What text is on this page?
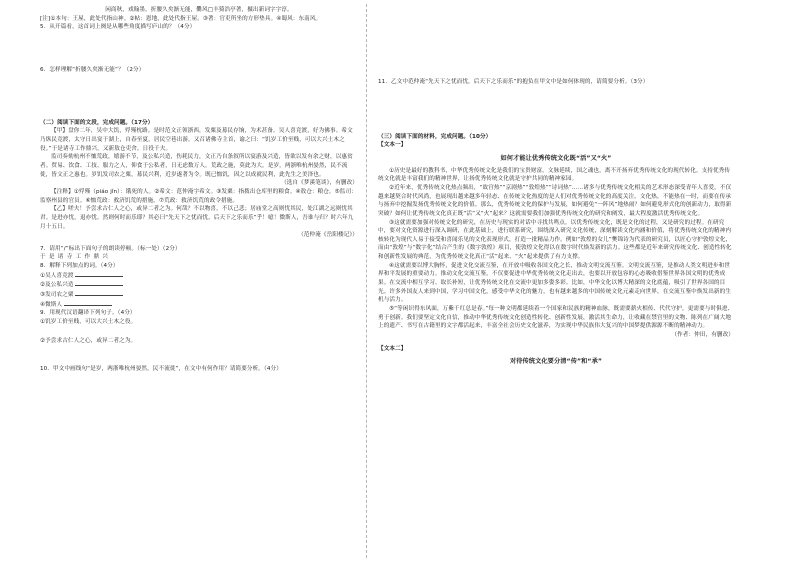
闲商秋，戏翰墨。折腰久矣渐无能，爨风□丰猗浩亭著，摄出新词字字淳。

[注]①本句：王屋，此处代指山神。②帖：恩地，此处代指王屋。③著：官吏所坐的方形垫具。④蜀风：东南风。

5．从开篇看，这首词上阕是从哪些角度描写庐山的？（4分）

6．怎样理解“折腰久矣渐无能”？（2分）

（二）阅读下面的文段，完成问题。（17分）

【甲】盘你二年，吴中大饥，殍殣枕路。是时范文正领浙西，发粟及募民存饷，为术甚备。吴人喜竞渡，好为佛事。希文乃纵民竞渡，太守日出宴于湖上，自春至夏，居民空巷出游。又召诸佛寺主首，谕之曰：“饥岁工价至贱，可以大兴土木之役。”于是诸寺工作鼎兴。又新敖仓吏舍，日役千夫。

监司奏劾杭州不恤荒政，嬉游不节，及公私兴造，伤耗民力，文正乃自条叙所以宴游及兴造，皆欲以发有余之财，以惠贫者。贸易、饮食、工技、服力之人，仰食于公私者，日无虑数万人。荒政之施，莫此为大。是岁，两浙唯杭州晏然，民不流徙，皆文正之惠也。岁饥发司农之粟，募民兴利，近岁遂著为令。既已恤饥，因之以成就民利，此先生之美泽也。

（选自《梦溪笔谈》，有删改）

【注释】①殍殣（piáo jǐn）：饿死的人。②希文：范仲淹字希文。③发粟：指拨出仓库里的粮食。④敖仓：粮仓。⑤监司：监察州县的官员。⑥恤荒政：救济饥荒的措施。⑦荒政：救济饥荒的政令措施。

【乙】嗟夫！予尝求古仁人之心，或异二者之为。何哉？不以物喜，不以己悲；居庙堂之高则忧其民，处江湖之远则忧其君。是进亦忧，退亦忧。然则何时而乐耶？其必曰“先天下之忧而忧，后天下之乐而乐”乎！噫！微斯人，吾谁与归？时六年九月十五日。

（范仲淹《岳阳楼记》）

7．请用“/”标出下面句子的朗读停顿。（标一处）（2分）

于 是 诸 寺 工 作 鼎 兴

8．解释下列加点的词。（4分）

①吴人喜竞渡

②及公私兴造

③发司农之粟

④微斯人

9．用现代汉语翻译下列句子。（4分）

①饥岁工价至贱，可以大兴土木之役。

②予尝求古仁人之心，或异二者之为。

10．甲文中画线句“是岁，两浙唯杭州晏然，民不流徙”，在文中有何作用？请简要分析。（4分）

11．乙文中范仲淹“先天下之忧而忧，后天下之乐而乐”的抱负在甲文中是如何体现的，请简要分析。（3分）

（三）阅读下面的材料，完成问题。（10分）

【文本一】

如何才能让优秀传统文化既“活”又“火”

①历史是最好的教科书，中华优秀传统文化是我们的宝贵财富。文脉延续，国之魂也，离不开扬弃优秀传统文化的现代转化。支持优秀传统文化就是丰富我们的精神世界，让扬优秀传统文化就是守护共同的精神家园。

②近年来，优秀传统文化热点频出，“故宫热”“京剧热”“敦煌热”“诗词热”……诸多与优秀传统文化相关的艺术形态深受青年人喜爱，不仅越来越契合时代风尚，也展现出越来越多年轻态、在传统文化热度的是人们对优秀传统文化的高度关注。文化热，不能热在一时，而要在传承与扬弃中挖掘发扬优秀传统文化的价值。那么，优秀传统文化的保护与发展，如何避免“一阵风”地热闹？如何避免形式化的创新动力，取得新突破？如何让优秀传统文化真正既“活”又“火”起来？这就需要我们加强优秀传统文化的研究和阐发，最大程度激活优秀传统文化。

③这就需要加强对传统文化的研究，在历史与现实的对话中寻找共鸣点。以优秀传统文化，既是文化的过程，又是研究的过程。在研究中，要对文化资源进行深入调研，在此基础上，进行联系研究，围绕深入研究文化传统，深刻解读文化内涵和价值，将优秀传统文化的精神内核转化为现代人易于接受和喜闻乐见的文化表现形式，打造一批精品力作。例如“敦煌的女儿”樊锦诗为代表的研究员，以匠心守护敦煌文化，而由“敦煌”与“数字化”结合产生的《数字敦煌》项目，使敦煌文化得以在数字时代焕发新的活力。这些都是近年来研究传统文化、创造性转化和创新性发展的典范，为优秀传统文化真正“活”起来、“火”起来提供了有力支撑。

④这就需要以博大胸怀，促进文化交流互鉴，在开放中吸收各国文化之长，推动文明交流互鉴。文明交流互鉴，是推动人类文明进步和世界和平发展的重要动力。推动文化交流互鉴，不仅要促进中华优秀传统文化走出去，也要以开放包容的心态吸收借鉴世界各国文明的优秀成果。在交流中相互学习、取长补短，让优秀传统文化在交流中更加多姿多彩。比如，中华文化以博大精深的文化底蕴，吸引了世界各国的目光。许多外国友人来到中国，学习中国文化，感受中华文化的魅力，也有越来越多的中国传统文化元素走向世界，在交流互鉴中焕发出新的生机与活力。

⑤“等闲识得东风面，万紫千红总是春。”每一种文明都延续着一个国家和民族的精神血脉，既需要薪火相传、代代守护，更需要与时俱进、勇于创新。我们要坚定文化自信，推动中华优秀传统文化创造性转化、创新性发展，激活其生命力，让收藏在禁宫里的文物、陈列在广阔大地上的遗产、书写在古籍里的文字都活起来，丰富全社会历史文化滋养，为实现中华民族伟大复兴的中国梦提供源源不断的精神动力。

（作者：仲田，有删改）

【文本二】

对待传统文化要分清“传”和“承”
